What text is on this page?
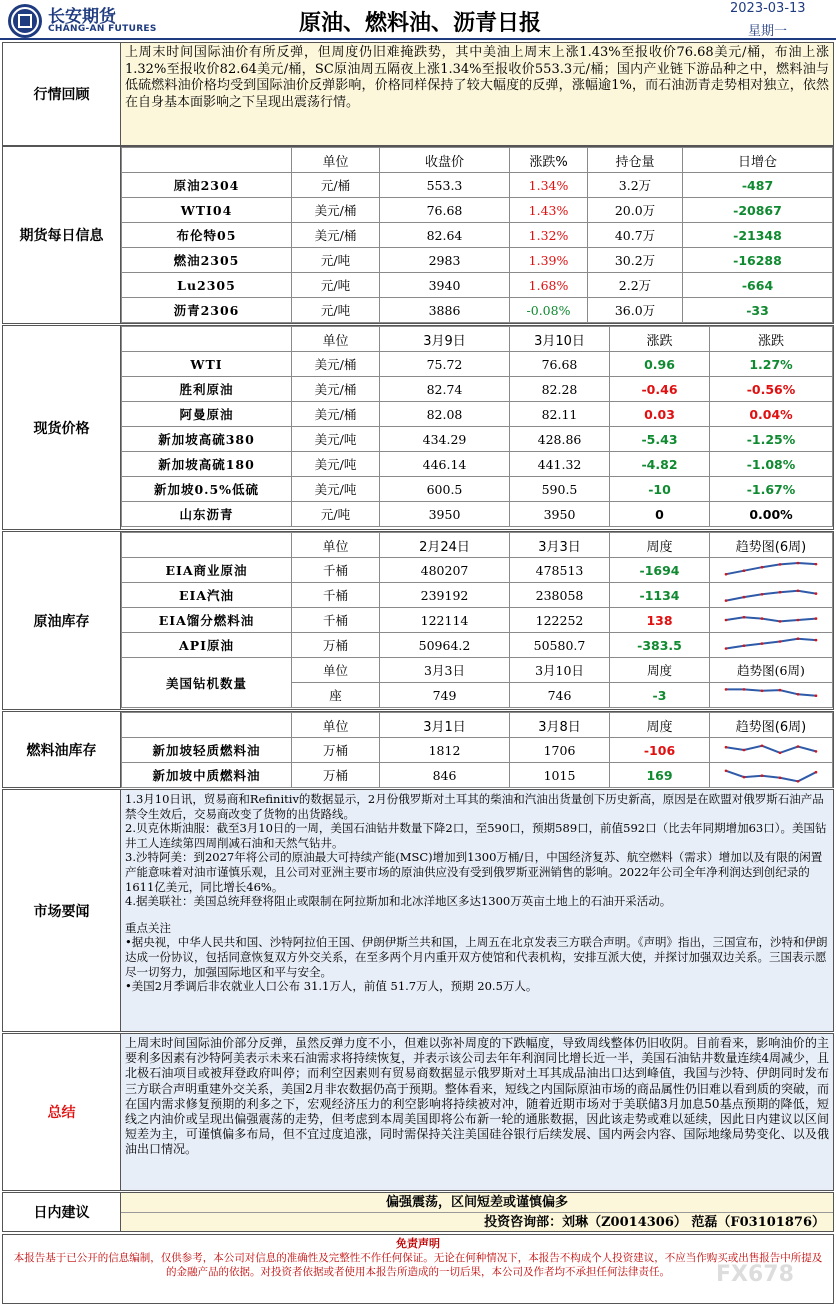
长安期货
CHANG-AN FUTURES	原油、燃料油、沥青日报
2023-03-13
星期一
行情回顾
上周末时间国际油价有所反弹，但周度仍旧难掩跌势，其中美油上周末上涨1.43%至报收价76.68美元/桶，布油上涨1.32%至报收价82.64美元/桶，SC原油周五隔夜上涨1.34%至报收价553.3元/桶；国内产业链下游品种之中，燃料油与低硫燃料油价格均受到国际油价反弹影响，价格同样保持了较大幅度的反弹，涨幅逾1%，而石油沥青走势相对独立，依然在自身基本面影响之下呈现出震荡行情。
期货每日信息
	单位	收盘价	涨跌%	持仓量	日增仓
原油2304	元/桶	553.3	1.34%	3.2万	-487
WTI04	美元/桶	76.68	1.43%	20.0万	-20867
布伦特05	美元/桶	82.64	1.32%	40.7万	-21348
燃油2305	元/吨	2983	1.39%	30.2万	-16288
Lu2305	元/吨	3940	1.68%	2.2万	-664
沥青2306	元/吨	3886	-0.08%	36.0万	-33
现货价格
	单位	3月9日	3月10日	涨跌	涨跌
WTI	美元/桶	75.72	76.68	0.96	1.27%
胜利原油	美元/桶	82.74	82.28	-0.46	-0.56%
阿曼原油	美元/桶	82.08	82.11	0.03	0.04%
新加坡高硫380	美元/吨	434.29	428.86	-5.43	-1.25%
新加坡高硫180	美元/吨	446.14	441.32	-4.82	-1.08%
新加坡0.5%低硫	美元/吨	600.5	590.5	-10	-1.67%
山东沥青	元/吨	3950	3950	0	0.00%
原油库存
	单位	2月24日	3月3日	周度	趋势图(6周)
EIA商业原油	千桶	480207	478513	-1694	

EIA汽油	千桶	239192	238058	-1134	

EIA馏分燃料油	千桶	122114	122252	138	

API原油	万桶	50964.2	50580.7	-383.5	

美国钻机数量	单位	3月3日	3月10日	周度	趋势图(6周)
	座	749	746	-3	
燃料油库存
	单位	3月1日	3月8日	周度	趋势图(6周)
新加坡轻质燃料油	万桶	1812	1706	-106	

新加坡中质燃料油	万桶	846	1015	169	
市场要闻
1.3月10日讯，贸易商和Refinitiv的数据显示，2月份俄罗斯对土耳其的柴油和汽油出货量创下历史新高，原因是在欧盟对俄罗斯石油产品禁令生效后，交易商改变了货物的出货路线。
2.贝克休斯油服：截至3月10日的一周，美国石油钻井数量下降2口，至590口，预期589口，前值592口（比去年同期增加63口）。美国钻井工人连续第四周削减石油和天然气钻井。
3.沙特阿美：到2027年将公司的原油最大可持续产能(MSC)增加到1300万桶/日，中国经济复苏、航空燃料（需求）增加以及有限的闲置产能意味着对油市谨慎乐观，且公司对亚洲主要市场的原油供应没有受到俄罗斯亚洲销售的影响。2022年公司全年净利润达到创纪录的1611亿美元，同比增长46%。
4.据美联社：美国总统拜登将阻止或限制在阿拉斯加和北冰洋地区多达1300万英亩土地上的石油开采活动。
重点关注
•据央视，中华人民共和国、沙特阿拉伯王国、伊朗伊斯兰共和国，上周五在北京发表三方联合声明。《声明》指出，三国宣布，沙特和伊朗达成一份协议，包括同意恢复双方外交关系，在至多两个月内重开双方使馆和代表机构，安排互派大使，并探讨加强双边关系。三国表示愿尽一切努力，加强国际地区和平与安全。
•美国2月季调后非农就业人口公布 31.1万人，前值 51.7万人，预期 20.5万人。
总结
上周末时间国际油价部分反弹，虽然反弹力度不小，但难以弥补周度的下跌幅度，导致周线整体仍旧收阴。目前看来，影响油价的主要利多因素有沙特阿美表示未来石油需求将持续恢复，并表示该公司去年年利润同比增长近一半，美国石油钻井数量连续4周减少，且北极石油项目或被拜登政府叫停；而利空因素则有贸易商数据显示俄罗斯对土耳其成品油出口达到峰值，我国与沙特、伊朗同时发布三方联合声明重建外交关系，美国2月非农数据仍高于预期。整体看来，短线之内国际原油市场的商品属性仍旧难以看到质的突破，而在国内需求修复预期的利多之下，宏观经济压力的利空影响将持续被对冲，随着近期市场对于美联储3月加息50基点预期的降低，短线之内油价或呈现出偏强震荡的走势，但考虑到本周美国即将公布新一轮的通胀数据，因此该走势或难以延续，因此日内建议以区间短差为主，可谨慎偏多布局，但不宜过度追涨，同时需保持关注美国硅谷银行后续发展、国内两会内容、国际地缘局势变化、以及俄油出口情况。
日内建议
偏强震荡，区间短差或谨慎偏多
投资咨询部：刘琳（Z0014306） 范磊（F03101876）
免责声明
本报告基于已公开的信息编制，仅供参考，本公司对信息的准确性及完整性不作任何保证。无论在何种情况下，本报告不构成个人投资建议，不应当作购买或出售报告中所提及的金融产品的依据。对投资者依据或者使用本报告所造成的一切后果，本公司及作者均不承担任何法律责任。	FX678
